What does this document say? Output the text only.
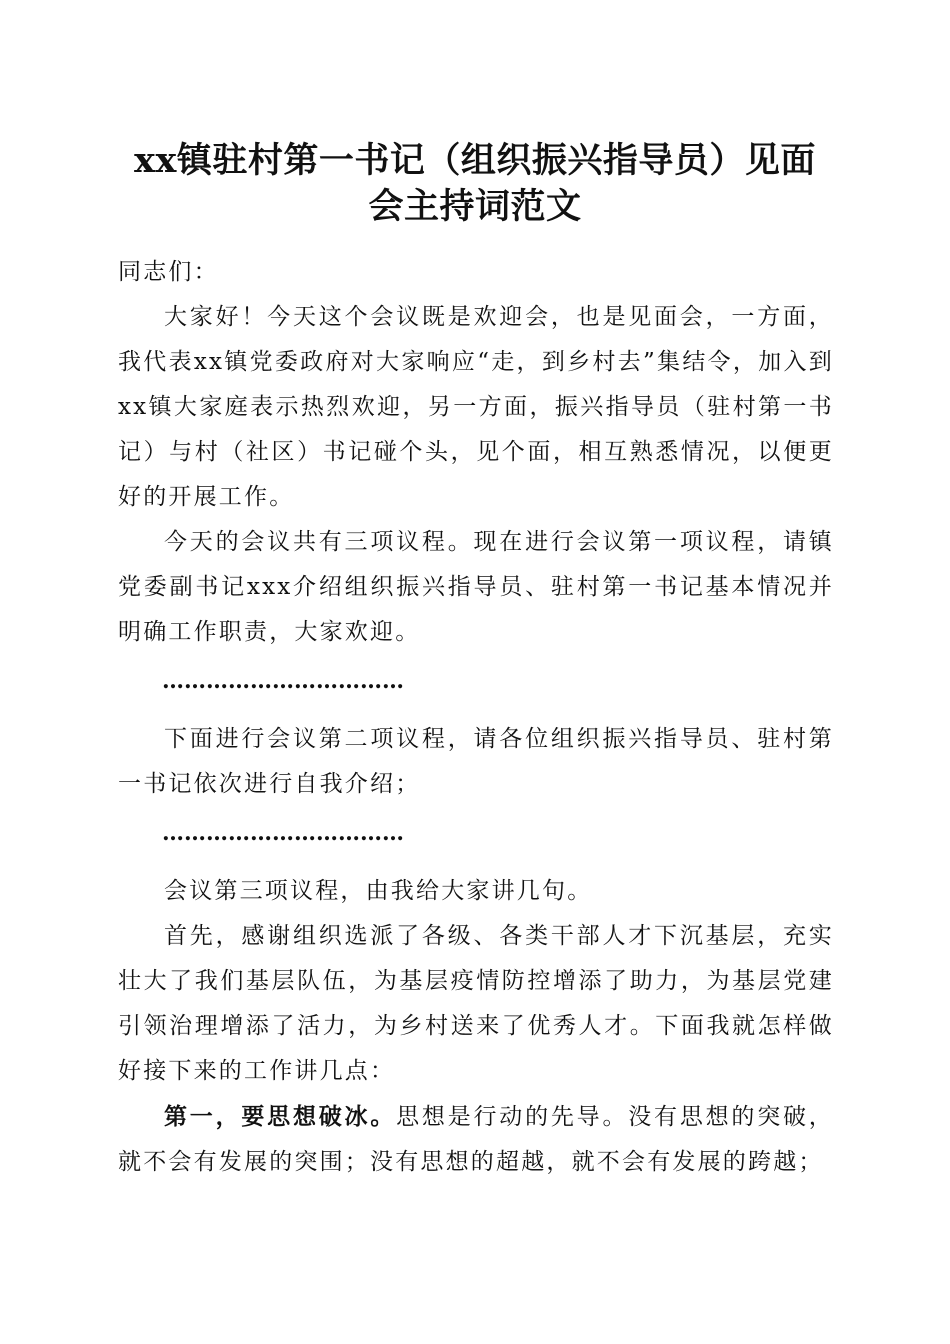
xx镇驻村第一书记（组织振兴指导员）见面
会主持词范文

同志们：

大家好！今天这个会议既是欢迎会，也是见面会，一方面，我代表xx镇党委政府对大家响应“走，到乡村去”集结令，加入到xx镇大家庭表示热烈欢迎，另一方面，振兴指导员（驻村第一书记）与村（社区）书记碰个头，见个面，相互熟悉情况，以便更好的开展工作。

今天的会议共有三项议程。现在进行会议第一项议程，请镇党委副书记xxx介绍组织振兴指导员、驻村第一书记基本情况并明确工作职责，大家欢迎。

……………………………

下面进行会议第二项议程，请各位组织振兴指导员、驻村第一书记依次进行自我介绍；

……………………………

会议第三项议程，由我给大家讲几句。

首先，感谢组织选派了各级、各类干部人才下沉基层，充实壮大了我们基层队伍，为基层疫情防控增添了助力，为基层党建引领治理增添了活力，为乡村送来了优秀人才。下面我就怎样做好接下来的工作讲几点：

第一，要思想破冰。思想是行动的先导。没有思想的突破，就不会有发展的突围；没有思想的超越，就不会有发展的跨越；
